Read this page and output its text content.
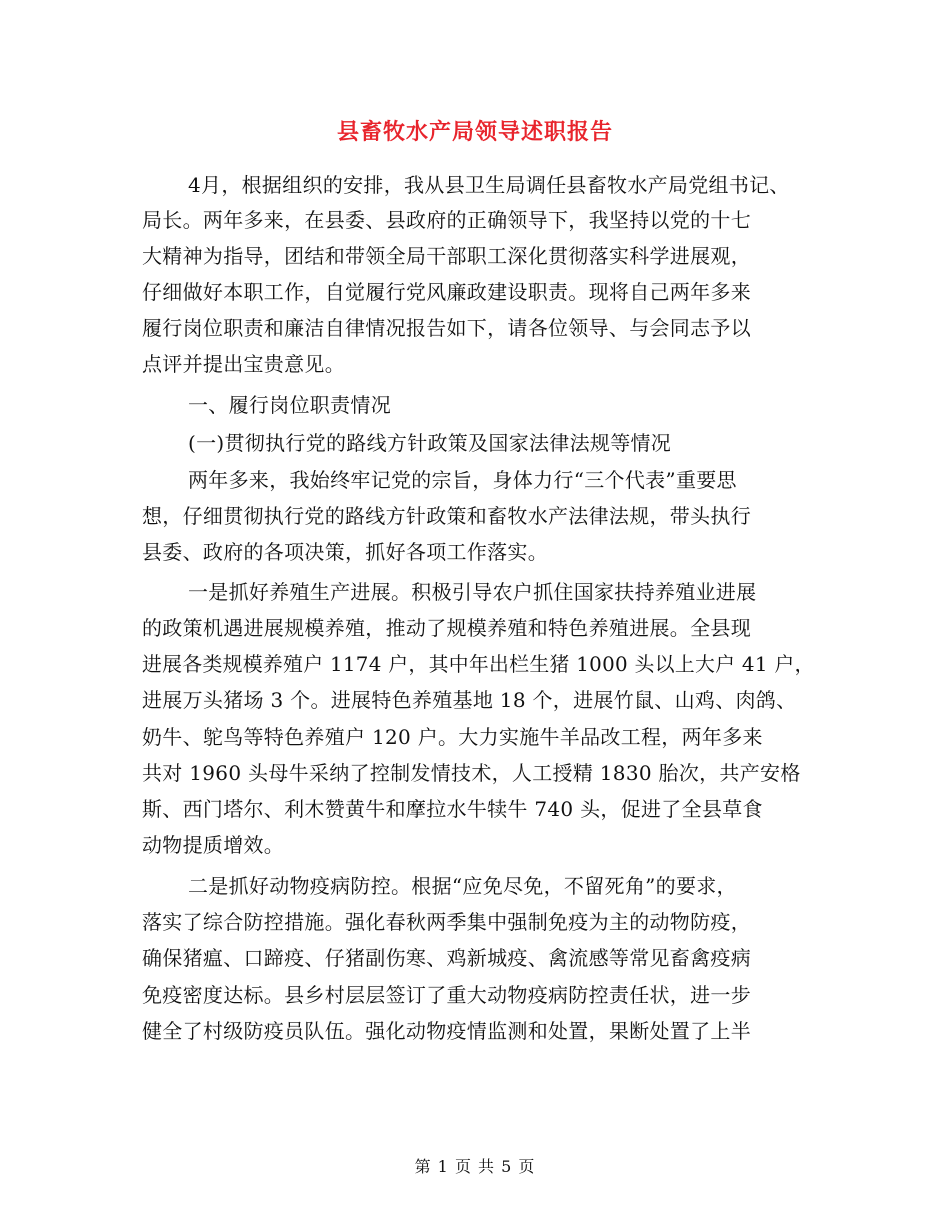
县畜牧水产局领导述职报告
4月，根据组织的安排，我从县卫生局调任县畜牧水产局党组书记、
局长。两年多来，在县委、县政府的正确领导下，我坚持以党的十七
大精神为指导，团结和带领全局干部职工深化贯彻落实科学进展观，
仔细做好本职工作，自觉履行党风廉政建设职责。现将自己两年多来
履行岗位职责和廉洁自律情况报告如下，请各位领导、与会同志予以
点评并提出宝贵意见。
一、履行岗位职责情况
(一)贯彻执行党的路线方针政策及国家法律法规等情况
两年多来，我始终牢记党的宗旨，身体力行“三个代表”重要思
想，仔细贯彻执行党的路线方针政策和畜牧水产法律法规，带头执行
县委、政府的各项决策，抓好各项工作落实。
一是抓好养殖生产进展。积极引导农户抓住国家扶持养殖业进展
的政策机遇进展规模养殖，推动了规模养殖和特色养殖进展。全县现
进展各类规模养殖户 1174 户，其中年出栏生猪 1000 头以上大户 41 户，
进展万头猪场 3 个。进展特色养殖基地 18 个，进展竹鼠、山鸡、肉鸽、
奶牛、鸵鸟等特色养殖户 120 户。大力实施牛羊品改工程，两年多来
共对 1960 头母牛采纳了控制发情技术，人工授精 1830 胎次，共产安格
斯、西门塔尔、利木赞黄牛和摩拉水牛犊牛 740 头，促进了全县草食
动物提质增效。
二是抓好动物疫病防控。根据“应免尽免，不留死角”的要求，
落实了综合防控措施。强化春秋两季集中强制免疫为主的动物防疫，
确保猪瘟、口蹄疫、仔猪副伤寒、鸡新城疫、禽流感等常见畜禽疫病
免疫密度达标。县乡村层层签订了重大动物疫病防控责任状，进一步
健全了村级防疫员队伍。强化动物疫情监测和处置，果断处置了上半
第 1 页 共 5 页
